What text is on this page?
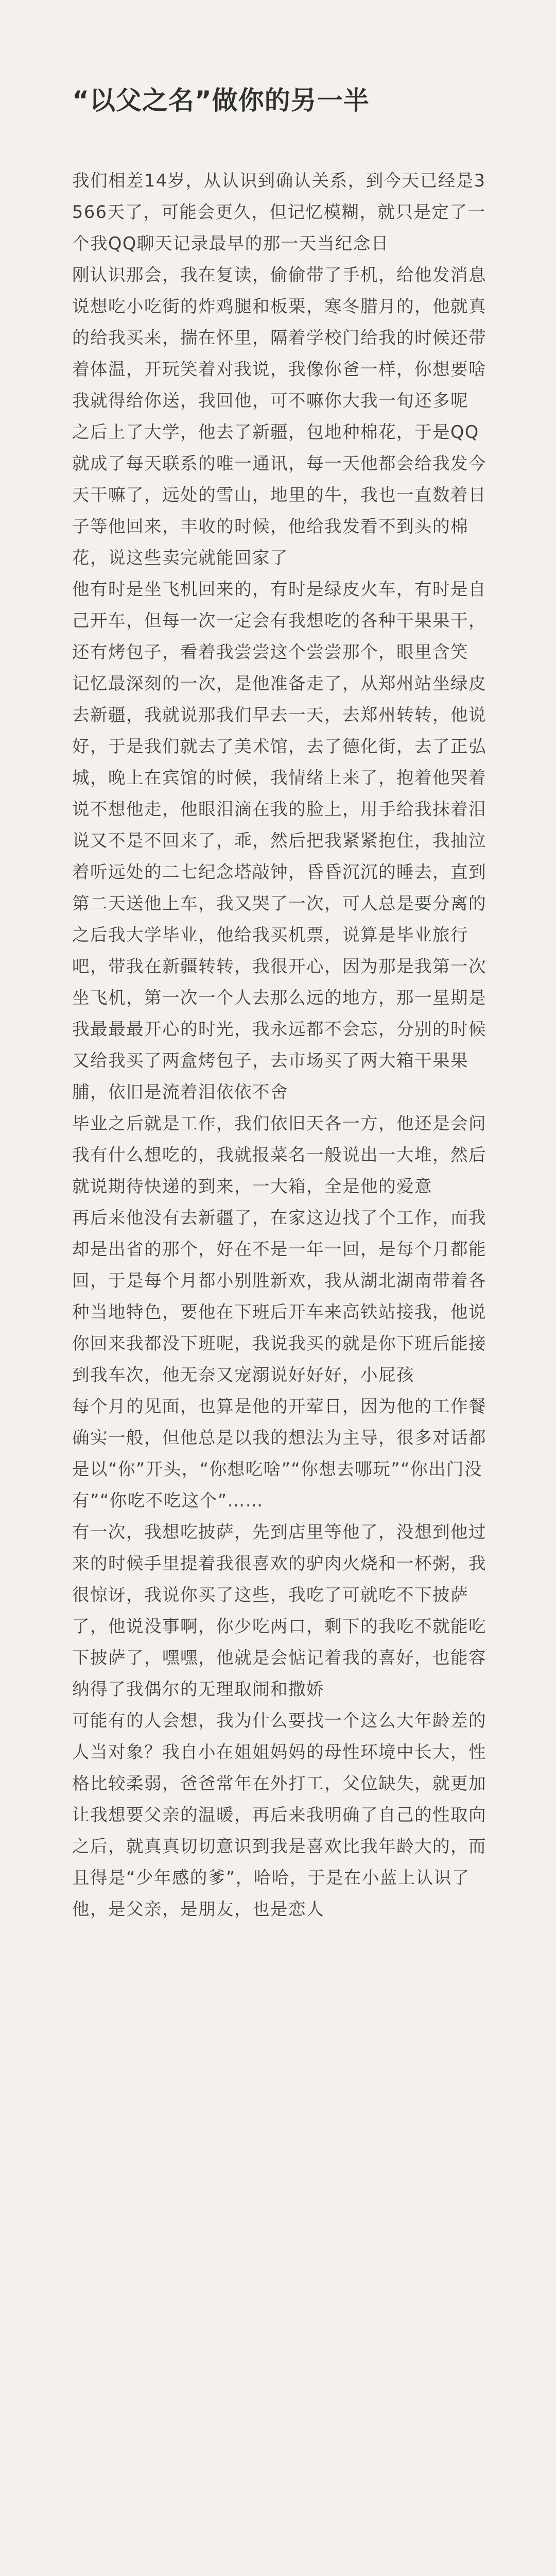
“以父之名”做你的另一半

我们相差14岁，从认识到确认关系，到今天已经是3566天了，可能会更久，但记忆模糊，就只是定了一个我QQ聊天记录最早的那一天当纪念日

刚认识那会，我在复读，偷偷带了手机，给他发消息说想吃小吃街的炸鸡腿和板栗，寒冬腊月的，他就真的给我买来，揣在怀里，隔着学校门给我的时候还带着体温，开玩笑着对我说，我像你爸一样，你想要啥我就得给你送，我回他，可不嘛你大我一旬还多呢

之后上了大学，他去了新疆，包地种棉花，于是QQ就成了每天联系的唯一通讯，每一天他都会给我发今天干嘛了，远处的雪山，地里的牛，我也一直数着日子等他回来，丰收的时候，他给我发看不到头的棉花，说这些卖完就能回家了

他有时是坐飞机回来的，有时是绿皮火车，有时是自己开车，但每一次一定会有我想吃的各种干果果干，还有烤包子，看着我尝尝这个尝尝那个，眼里含笑

记忆最深刻的一次，是他准备走了，从郑州站坐绿皮去新疆，我就说那我们早去一天，去郑州转转，他说好，于是我们就去了美术馆，去了德化街，去了正弘城，晚上在宾馆的时候，我情绪上来了，抱着他哭着说不想他走，他眼泪滴在我的脸上，用手给我抹着泪说又不是不回来了，乖，然后把我紧紧抱住，我抽泣着听远处的二七纪念塔敲钟，昏昏沉沉的睡去，直到第二天送他上车，我又哭了一次，可人总是要分离的

之后我大学毕业，他给我买机票，说算是毕业旅行吧，带我在新疆转转，我很开心，因为那是我第一次坐飞机，第一次一个人去那么远的地方，那一星期是我最最最开心的时光，我永远都不会忘，分别的时候又给我买了两盒烤包子，去市场买了两大箱干果果脯，依旧是流着泪依依不舍

毕业之后就是工作，我们依旧天各一方，他还是会问我有什么想吃的，我就报菜名一般说出一大堆，然后就说期待快递的到来，一大箱，全是他的爱意

再后来他没有去新疆了，在家这边找了个工作，而我却是出省的那个，好在不是一年一回，是每个月都能回，于是每个月都小别胜新欢，我从湖北湖南带着各种当地特色，要他在下班后开车来高铁站接我，他说你回来我都没下班呢，我说我买的就是你下班后能接到我车次，他无奈又宠溺说好好好，小屁孩

每个月的见面，也算是他的开荤日，因为他的工作餐确实一般，但他总是以我的想法为主导，很多对话都是以“你”开头，“你想吃啥”“你想去哪玩”“你出门没有”“你吃不吃这个”……

有一次，我想吃披萨，先到店里等他了，没想到他过来的时候手里提着我很喜欢的驴肉火烧和一杯粥，我很惊讶，我说你买了这些，我吃了可就吃不下披萨了，他说没事啊，你少吃两口，剩下的我吃不就能吃下披萨了，嘿嘿，他就是会惦记着我的喜好，也能容纳得了我偶尔的无理取闹和撒娇

可能有的人会想，我为什么要找一个这么大年龄差的人当对象？我自小在姐姐妈妈的母性环境中长大，性格比较柔弱，爸爸常年在外打工，父位缺失，就更加让我想要父亲的温暖，再后来我明确了自己的性取向之后，就真真切切意识到我是喜欢比我年龄大的，而且得是“少年感的爹”，哈哈，于是在小蓝上认识了他，是父亲，是朋友，也是恋人
